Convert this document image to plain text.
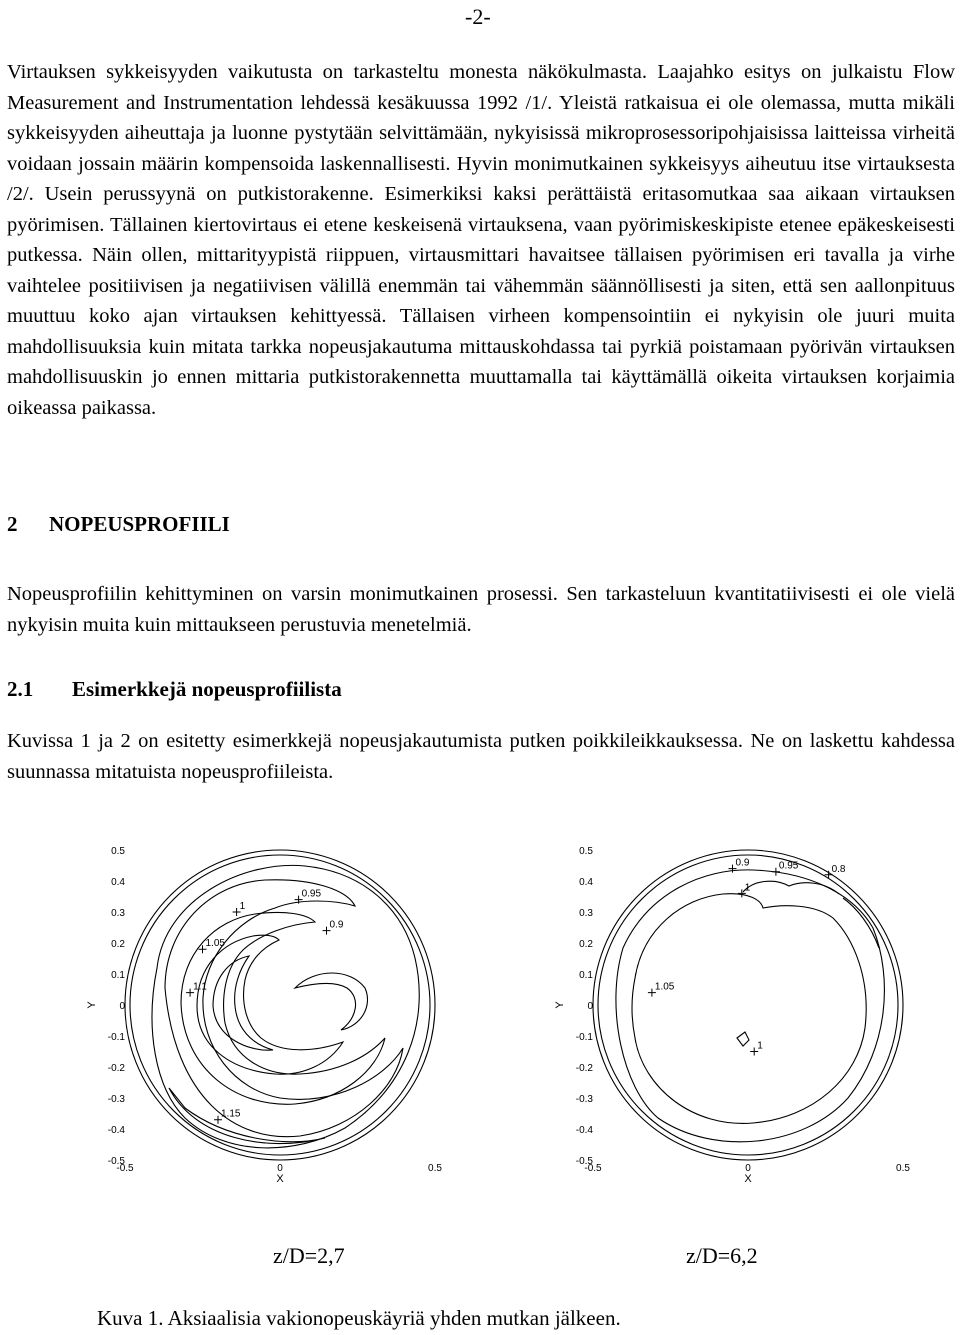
-2-

Virtauksen sykkeisyyden vaikutusta on tarkasteltu monesta näkökulmasta. Laajahko esitys on julkaistu Flow Measurement and Instrumentation lehdessä kesäkuussa 1992 /1/. Yleistä ratkaisua ei ole olemassa, mutta mikäli sykkeisyyden aiheuttaja ja luonne pystytään selvittämään, nykyisissä mikroprosessoripohjaisissa laitteissa virheitä voidaan jossain määrin kompensoida laskennallisesti. Hyvin monimutkainen sykkeisyys aiheutuu itse virtauksesta /2/. Usein perussyynä on putkistorakenne. Esimerkiksi kaksi perättäistä eritasomutkaa saa aikaan virtauksen pyörimisen. Tällainen kiertovirtaus ei etene keskeisenä virtauksena, vaan pyörimiskeskipiste etenee epäkeskeisesti putkessa. Näin ollen, mittarityypistä riippuen, virtausmittari havaitsee tällaisen pyörimisen eri tavalla ja virhe vaihtelee positiivisen ja negatiivisen välillä enemmän tai vähemmän säännöllisesti ja siten, että sen aallonpituus muuttuu koko ajan virtauksen kehittyessä. Tällaisen virheen kompensointiin ei nykyisin ole juuri muita mahdollisuuksia kuin mitata tarkka nopeusjakautuma mittauskohdassa tai pyrkiä poistamaan pyörivän virtauksen mahdollisuuskin jo ennen mittaria putkistorakennetta muuttamalla tai käyttämällä oikeita virtauksen korjaimia oikeassa paikassa.

2 NOPEUSPROFIILI

Nopeusprofiilin kehittyminen on varsin monimutkainen prosessi. Sen tarkasteluun kvantitatiivisesti ei ole vielä nykyisin muita kuin mittaukseen perustuvia menetelmiä.

2.1 Esimerkkejä nopeusprofiilista

Kuvissa 1 ja 2 on esitetty esimerkkejä nopeusjakautumista putken poikkileikkauksessa. Ne on laskettu kahdessa suunnassa mitatuista nopeusprofiileista.

Y
X
0.5
0.4
0.3
0.2
0.1
0
-0.1
-0.2
-0.3
-0.4
-0.5
-0.5	0	0.5
0.95
1
0.9
1.05
1.1
1.15
Y
X
0.5
0.4
0.3
0.2
0.1
0
-0.1
-0.2
-0.3
-0.4
-0.5
-0.5	0	0.5
0.9	0.95	0.8
1
1.05
1
z/D=2,7	z/D=6,2
Kuva 1. Aksiaalisia vakionopeuskäyriä yhden mutkan jälkeen.
